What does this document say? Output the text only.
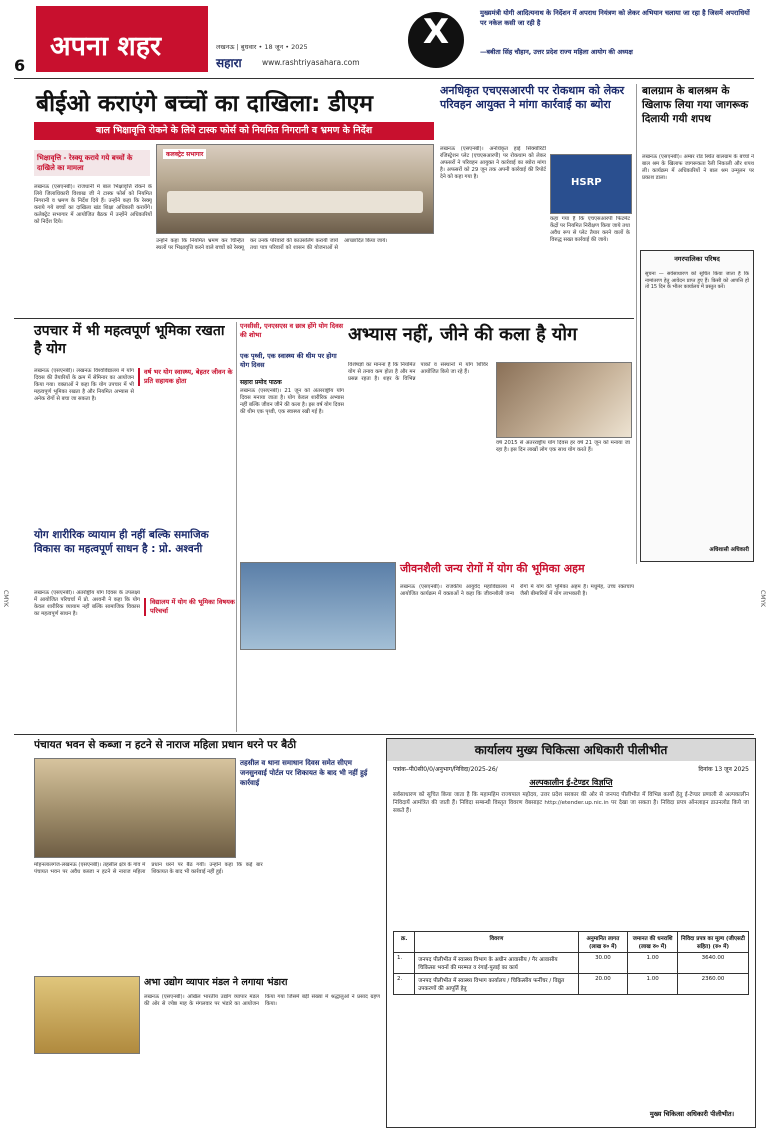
CMYK	CMYK
6
अपना शहर	लखनऊ | बुधवार • 18 जून • 2025
सहारा	www.rashtriyasahara.com
X	मुख्यमंत्री योगी आदित्यनाथ के निर्देशन में अपराध नियंत्रण को लेकर अभियान चलाया जा रहा है जिसमें अपराधियों पर नकेल कसी जा रही है
—बबीता सिंह चौहान, उत्तर प्रदेश राज्य महिला आयोग की अध्यक्ष
बीईओ कराएंगे बच्चों का दाखिला: डीएम
बाल भिक्षावृत्ति रोकने के लिये टास्क फोर्स को नियमित निगरानी व भ्रमण के निर्देश
भिक्षावृत्ति - रेस्क्यू कराये गये बच्चों के दाखिले का मामला
कलक्ट्रेट सभागार
लखनऊ (एसएनबी)। राजधानी में बाल भिक्षावृत्ति रोकने के लिये जिलाधिकारी विशाख जी ने टास्क फोर्स को नियमित निगरानी व भ्रमण के निर्देश दिये हैं। उन्होंने कहा कि रेस्क्यू कराये गये बच्चों का दाखिला खंड शिक्षा अधिकारी करायेंगे। कलेक्ट्रेट सभागार में आयोजित बैठक में उन्होंने अधिकारियों को निर्देश दिये।
उन्होंने कहा कि नियमित भ्रमण कर चिन्हित स्थलों पर भिक्षावृत्ति करने वाले बच्चों को रेस्क्यू कर उनके परिवारों की काउंसलिंग करायी जाये तथा पात्र परिवारों को शासन की योजनाओं से आच्छादित किया जाये।
अनधिकृत एचएसआरपी पर रोकथाम को लेकर परिवहन आयुक्त ने मांगा कार्रवाई का ब्योरा
HSRP
लखनऊ (एसएनबी)। अनधिकृत हाई सिक्योरिटी रजिस्ट्रेशन प्लेट (एचएसआरपी) पर रोकथाम को लेकर अफसरों ने परिवहन आयुक्त ने कार्रवाई का ब्योरा मांगा है। अफसरों को 29 जून तक अपनी कार्रवाई की रिपोर्ट देने को कहा गया है।
कहा गया है कि एचएसआरपी फिटमेंट केंद्रों पर नियमित निरीक्षण किया जाये तथा अवैध रूप से प्लेट तैयार करने वालों के विरुद्ध सख्त कार्रवाई की जाये।
बालग्राम के बालश्रम के खिलाफ लिया गया जागरूक दिलायी गयी शपथ
लखनऊ (एसएनबी)। अम्बर रोड स्थित बालग्राम के बच्चों ने बाल श्रम के खिलाफ जागरूकता रैली निकाली और शपथ ली। कार्यक्रम में अधिकारियों ने बाल श्रम उन्मूलन पर प्रकाश डाला।
नगरपालिका परिषद
सूचना — सर्वसाधारण को सूचित किया जाता है कि नामांतरण हेतु आवेदन प्राप्त हुए हैं। किसी को आपत्ति हो तो 15 दिन के भीतर कार्यालय में प्रस्तुत करें।
अधिशासी अधिकारी
उपचार में भी महत्वपूर्ण भूमिका रखता है योग
वर्ष भर योग स्वास्थ्य, बेहतर जीवन के प्रति सहायक होता
लखनऊ (एसएनबी)। लखनऊ विश्वविद्यालय में योग दिवस की तैयारियों के क्रम में सेमिनार का आयोजन किया गया। वक्ताओं ने कहा कि योग उपचार में भी महत्वपूर्ण भूमिका रखता है और नियमित अभ्यास से अनेक रोगों से बचा जा सकता है।
योग शारीरिक व्यायाम ही नहीं बल्कि समाजिक विकास का महत्वपूर्ण साधन है : प्रो. अश्वनी
विद्यालय में योग की भूमिका विषयक परिचर्चा
लखनऊ (एसएनबी)। अंतर्राष्ट्रीय योग दिवस के उपलक्ष्य में आयोजित परिचर्चा में प्रो. अश्वनी ने कहा कि योग केवल शारीरिक व्यायाम नहीं बल्कि सामाजिक विकास का महत्वपूर्ण साधन है।
एनसीसी, एनएसएस व छात्र होंगे योग दिवस की शोभा
एक पृथ्वी, एक स्वास्थ्य की थीम पर होगा योग दिवस
अभ्यास नहीं, जीने की कला है योग
सहारा प्रमोद पाठक
लखनऊ (एसएनबी)। 21 जून को अंतरराष्ट्रीय योग दिवस मनाया जाता है। योग केवल शारीरिक अभ्यास नहीं बल्कि जीवन जीने की कला है। इस वर्ष योग दिवस की थीम एक पृथ्वी, एक स्वास्थ्य रखी गई है।
विशेषज्ञों का मानना है कि नियमित योग से तनाव कम होता है और मन प्रसन्न रहता है। शहर के विभिन्न पार्कों व संस्थानों में योग शिविर आयोजित किये जा रहे हैं।
वर्ष 2015 से अंतरराष्ट्रीय योग दिवस हर वर्ष 21 जून को मनाया जा रहा है। इस दिन लाखों लोग एक साथ योग करते हैं।
जीवनशैली जन्य रोगों में योग की भूमिका अहम
लखनऊ (एसएनबी)। राजकीय आयुर्वेद महाविद्यालय में आयोजित कार्यक्रम में वक्ताओं ने कहा कि जीवनशैली जन्य रोगों में योग की भूमिका अहम है। मधुमेह, उच्च रक्तचाप जैसी बीमारियों में योग लाभकारी है।
पंचायत भवन से कब्जा न हटने से नाराज महिला प्रधान धरने पर बैठी
तहसील व थाना समाधान दिवस समेत सीएम जनसुनवाई पोर्टल पर शिकायत के बाद भी नहीं हुई कार्रवाई
मोहनलालगंज-लखनऊ (एसएनबी)। तहसील क्षेत्र के गांव में पंचायत भवन पर अवैध कब्जा न हटने से नाराज महिला प्रधान धरने पर बैठ गयीं। उन्होंने कहा कि कई बार शिकायत के बाद भी कार्रवाई नहीं हुई।
अभा उद्योग व्यापार मंडल ने लगाया भंडारा
लखनऊ (एसएनबी)। अखिल भारतीय उद्योग व्यापार मंडल की ओर से ज्येष्ठ माह के मंगलवार पर भंडारे का आयोजन किया गया जिसमें बड़ी संख्या में श्रद्धालुओं ने प्रसाद ग्रहण किया।
कार्यालय मुख्य चिकित्सा अधिकारी पीलीभीत
पत्रांक–पी0सी0/0/अनुभाग/निविदा/2025-26/	दिनांक 13 जून 2025
अल्पकालीन ई-टेण्डर विज्ञप्ति
सर्वसाधारण को सूचित किया जाता है कि महामहिम राज्यपाल महोदय, उत्तर प्रदेश सरकार की ओर से जनपद पीलीभीत में विभिन्न कार्यों हेतु ई-टेण्डर प्रणाली से अल्पकालीन निविदायें आमंत्रित की जाती हैं। निविदा सम्बन्धी विस्तृत विवरण वेबसाइट http://etender.up.nic.in पर देखा जा सकता है। निविदा प्रपत्र ऑनलाइन डाउनलोड किये जा सकते हैं।
क्र.	विवरण	अनुमानित लागत (लाख रु० में)	जमानत की धनराशि (लाख रु० में)	निविदा प्रपत्र का मूल्य (जीएसटी सहित) (रु० में)
1.	जनपद पीलीभीत में स्वास्थ्य विभाग के अधीन आवासीय / गैर आवासीय चिकित्सा भवनों की मरम्मत व रंगाई-पुताई का कार्य	30.00	1.00	3640.00
2.	जनपद पीलीभीत में स्वास्थ्य विभाग कार्यालय / चिकित्सीय फर्नीचर / विद्युत उपकरणों की आपूर्ति हेतु	20.00	1.00	2360.00
मुख्य चिकित्सा अधिकारी पीलीभीत।
